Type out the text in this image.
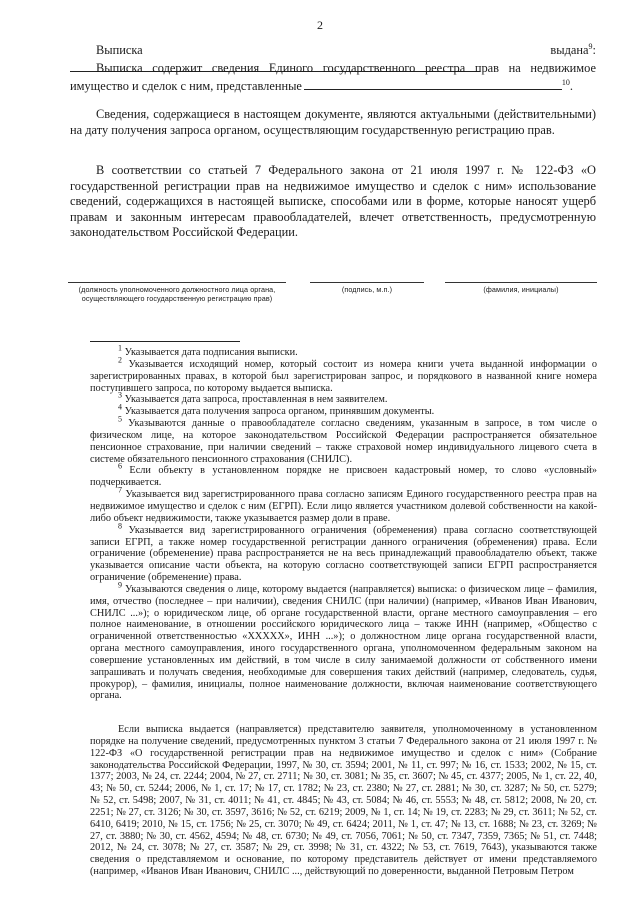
2

Выписка выдана$^9$:

Выписка содержит сведения Единого государственного реестра прав на недвижимое имущество и сделок с ним, представленные	$^{10}$.

Сведения, содержащиеся в настоящем документе, являются актуальными (действительными) на дату получения запроса органом, осуществляющим государственную регистрацию прав.

В соответствии со статьей 7 Федерального закона от 21 июля 1997 г. № 122-ФЗ «О государственной регистрации прав на недвижимое имущество и сделок с ним» использование сведений, содержащихся в настоящей выписке, способами или в форме, которые наносят ущерб правам и законным интересам правообладателей, влечет ответственность, предусмотренную законодательством Российской Федерации.

(должность уполномоченного должностного лица органа, осуществляющего государственную регистрацию прав)
(подпись, м.п.)	(фамилия, инициалы)

$^1$ Указывается дата подписания выписки.

$^2$ Указывается исходящий номер, который состоит из номера книги учета выданной информации о зарегистрированных правах, в которой был зарегистрирован запрос, и порядкового в названной книге номера поступившего запроса, по которому выдается выписка.

$^3$ Указывается дата запроса, проставленная в нем заявителем.

$^4$ Указывается дата получения запроса органом, принявшим документы.

$^5$ Указываются данные о правообладателе согласно сведениям, указанным в запросе, в том числе о физическом лице, на которое законодательством Российской Федерации распространяется обязательное пенсионное страхование, при наличии сведений – также страховой номер индивидуального лицевого счета в системе обязательного пенсионного страхования (СНИЛС).

$^6$ Если объекту в установленном порядке не присвоен кадастровый номер, то слово «условный» подчеркивается.

$^7$ Указывается вид зарегистрированного права согласно записям Единого государственного реестра прав на недвижимое имущество и сделок с ним (ЕГРП). Если лицо является участником долевой собственности на какой-либо объект недвижимости, также указывается размер доли в праве.

$^8$ Указывается вид зарегистрированного ограничения (обременения) права согласно соответствующей записи ЕГРП, а также номер государственной регистрации данного ограничения (обременения) права. Если ограничение (обременение) права распространяется не на весь принадлежащий правообладателю объект, также указывается описание части объекта, на которую согласно соответствующей записи ЕГРП распространяется ограничение (обременение) права.

$^9$ Указываются сведения о лице, которому выдается (направляется) выписка: о физическом лице – фамилия, имя, отчество (последнее – при наличии), сведения СНИЛС (при наличии) (например, «Иванов Иван Иванович, СНИЛС ...»); о юридическом лице, об органе государственной власти, органе местного самоуправления – его полное наименование, в отношении российского юридического лица – также ИНН (например, «Общество с ограниченной ответственностью «ХХХХХ», ИНН ...»); о должностном лице органа государственной власти, органа местного самоуправления, иного государственного органа, уполномоченном федеральным законом на совершение установленных им действий, в том числе в силу занимаемой должности от собственного имени запрашивать и получать сведения, необходимые для совершения таких действий (например, следователь, судья, прокурор), – фамилия, инициалы, полное наименование должности, включая наименование соответствующего органа.

Если выписка выдается (направляется) представителю заявителя, уполномоченному в установленном порядке на получение сведений, предусмотренных пунктом 3 статьи 7 Федерального закона от 21 июля 1997 г. № 122-ФЗ «О государственной регистрации прав на недвижимое имущество и сделок с ним» (Собрание законодательства Российской Федерации, 1997, № 30, ст. 3594; 2001, № 11, ст. 997; № 16, ст. 1533; 2002, № 15, ст. 1377; 2003, № 24, ст. 2244; 2004, № 27, ст. 2711; № 30, ст. 3081; № 35, ст. 3607; № 45, ст. 4377; 2005, № 1, ст. 22, 40, 43; № 50, ст. 5244; 2006, № 1, ст. 17; № 17, ст. 1782; № 23, ст. 2380; № 27, ст. 2881; № 30, ст. 3287; № 50, ст. 5279; № 52, ст. 5498; 2007, № 31, ст. 4011; № 41, ст. 4845; № 43, ст. 5084; № 46, ст. 5553; № 48, ст. 5812; 2008, № 20, ст. 2251; № 27, ст. 3126; № 30, ст. 3597, 3616; № 52, ст. 6219; 2009, № 1, ст. 14; № 19, ст. 2283; № 29, ст. 3611; № 52, ст. 6410, 6419; 2010, № 15, ст. 1756; № 25, ст. 3070; № 49, ст. 6424; 2011, № 1, ст. 47; № 13, ст. 1688; № 23, ст. 3269; № 27, ст. 3880; № 30, ст. 4562, 4594; № 48, ст. 6730; № 49, ст. 7056, 7061; № 50, ст. 7347, 7359, 7365; № 51, ст. 7448; 2012, № 24, ст. 3078; № 27, ст. 3587; № 29, ст. 3998; № 31, ст. 4322; № 53, ст. 7619, 7643), указываются также сведения о представляемом и основание, по которому представитель действует от имени представляемого (например, «Иванов Иван Иванович, СНИЛС ..., действующий по доверенности, выданной Петровым Петром
